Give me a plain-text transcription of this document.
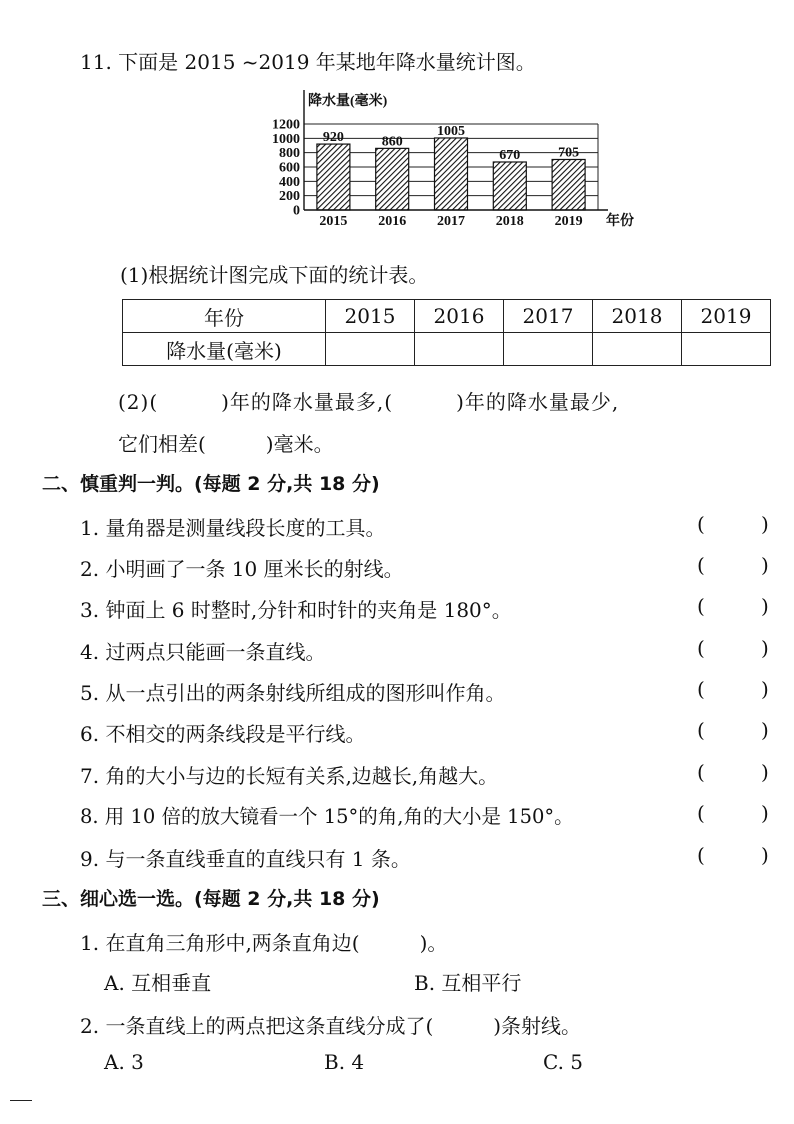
11. 下面是 2015 ~2019 年某地年降水量统计图。
0
200
400
600
800
1000
1200
920
2015
860
2016
1005
2017
670
2018
705
2019
降水量(毫米)
年份
(1)根据统计图完成下面的统计表。
年份	2015	2016	2017	2018	2019
降水量(毫米)					
(2)(　　　)年的降水量最多,(　　　)年的降水量最少,
它们相差(　　　)毫米。
二、慎重判一判。(每题 2 分,共 18 分)
1. 量角器是测量线段长度的工具。	(	)
2. 小明画了一条 10 厘米长的射线。	(	)
3. 钟面上 6 时整时,分针和时针的夹角是 180°。	(	)
4. 过两点只能画一条直线。	(	)
5. 从一点引出的两条射线所组成的图形叫作角。	(	)
6. 不相交的两条线段是平行线。	(	)
7. 角的大小与边的长短有关系,边越长,角越大。	(	)
8. 用 10 倍的放大镜看一个 15°的角,角的大小是 150°。	(	)
9. 与一条直线垂直的直线只有 1 条。	(	)
三、细心选一选。(每题 2 分,共 18 分)
1. 在直角三角形中,两条直角边(　　　)。
A. 互相垂直	B. 互相平行
2. 一条直线上的两点把这条直线分成了(　　　)条射线。
A. 3	B. 4	C. 5
